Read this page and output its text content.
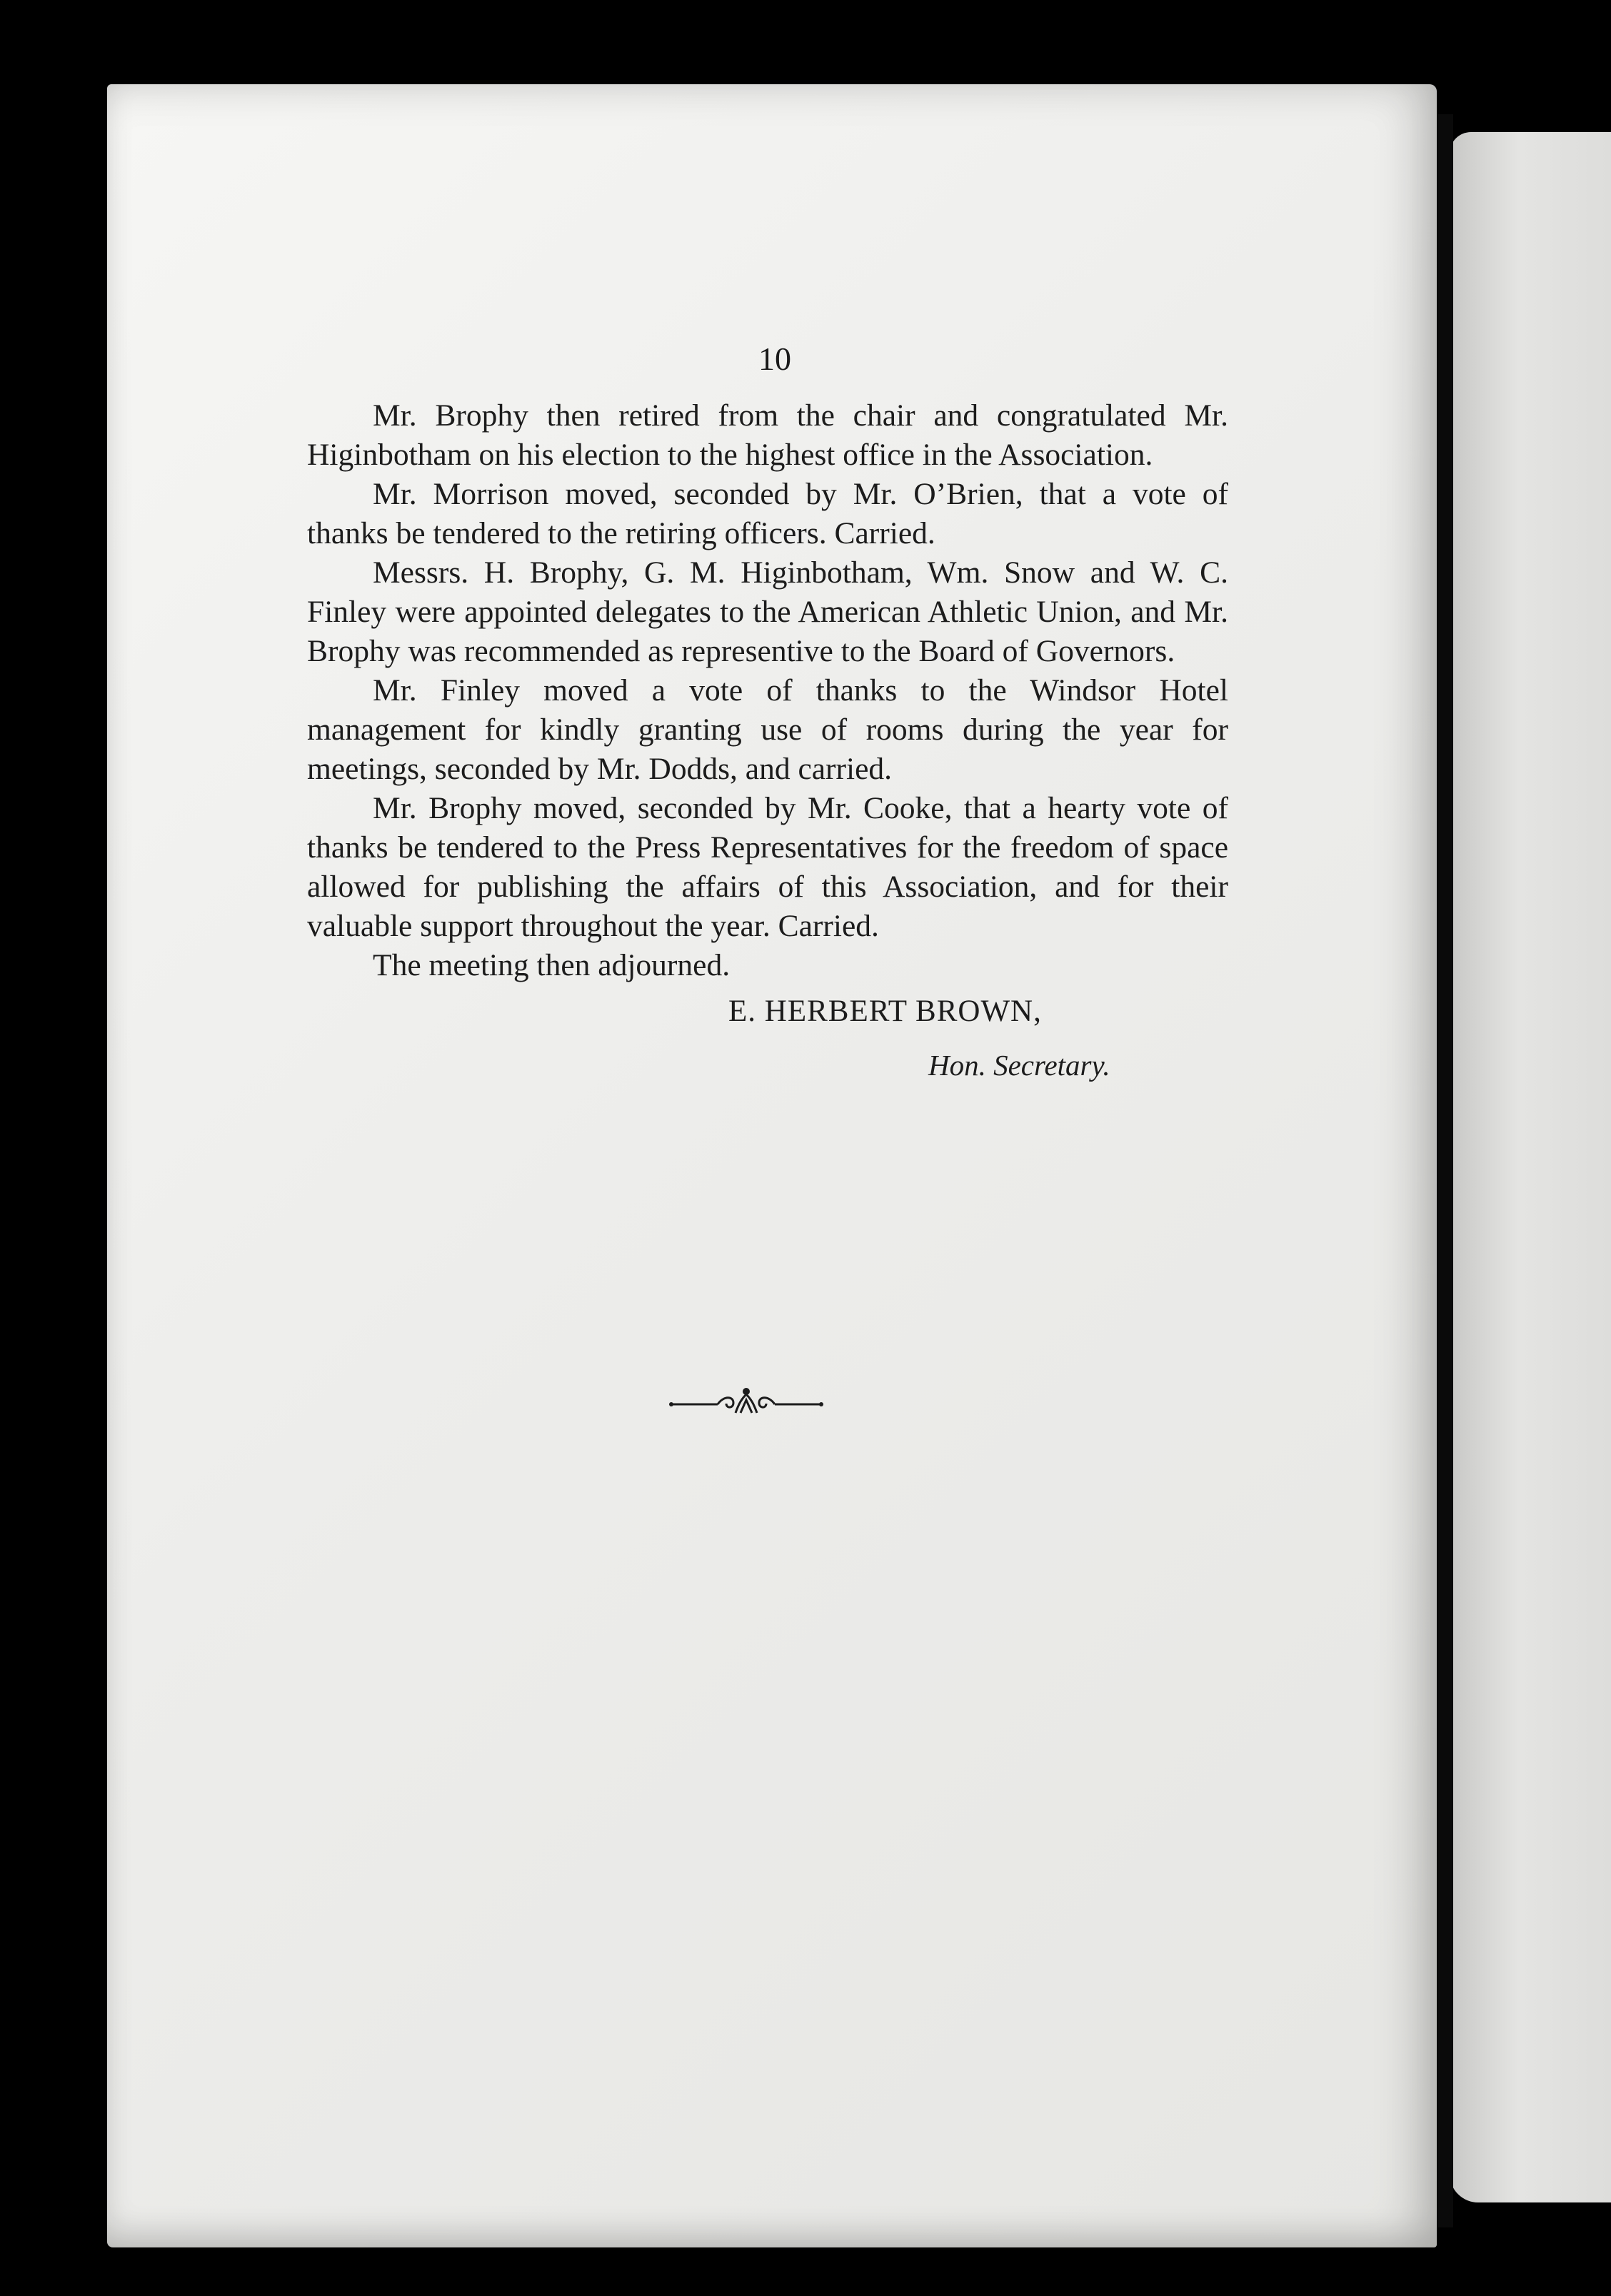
10

Mr. Brophy then retired from the chair and congratulated Mr. Higinbotham on his election to the highest office in the Association.

Mr. Morrison moved, seconded by Mr. O’Brien, that a vote of thanks be tendered to the retiring officers. Carried.

Messrs. H. Brophy, G. M. Higinbotham, Wm. Snow and W. C. Finley were appointed delegates to the American Athletic Union, and Mr. Brophy was recommended as representive to the Board of Governors.

Mr. Finley moved a vote of thanks to the Windsor Hotel management for kindly granting use of rooms during the year for meetings, seconded by Mr. Dodds, and carried.

Mr. Brophy moved, seconded by Mr. Cooke, that a hearty vote of thanks be tendered to the Press Representatives for the freedom of space allowed for publishing the affairs of this Association, and for their valuable support throughout the year. Carried.

The meeting then adjourned.

E. HERBERT BROWN,
Hon. Secretary.
